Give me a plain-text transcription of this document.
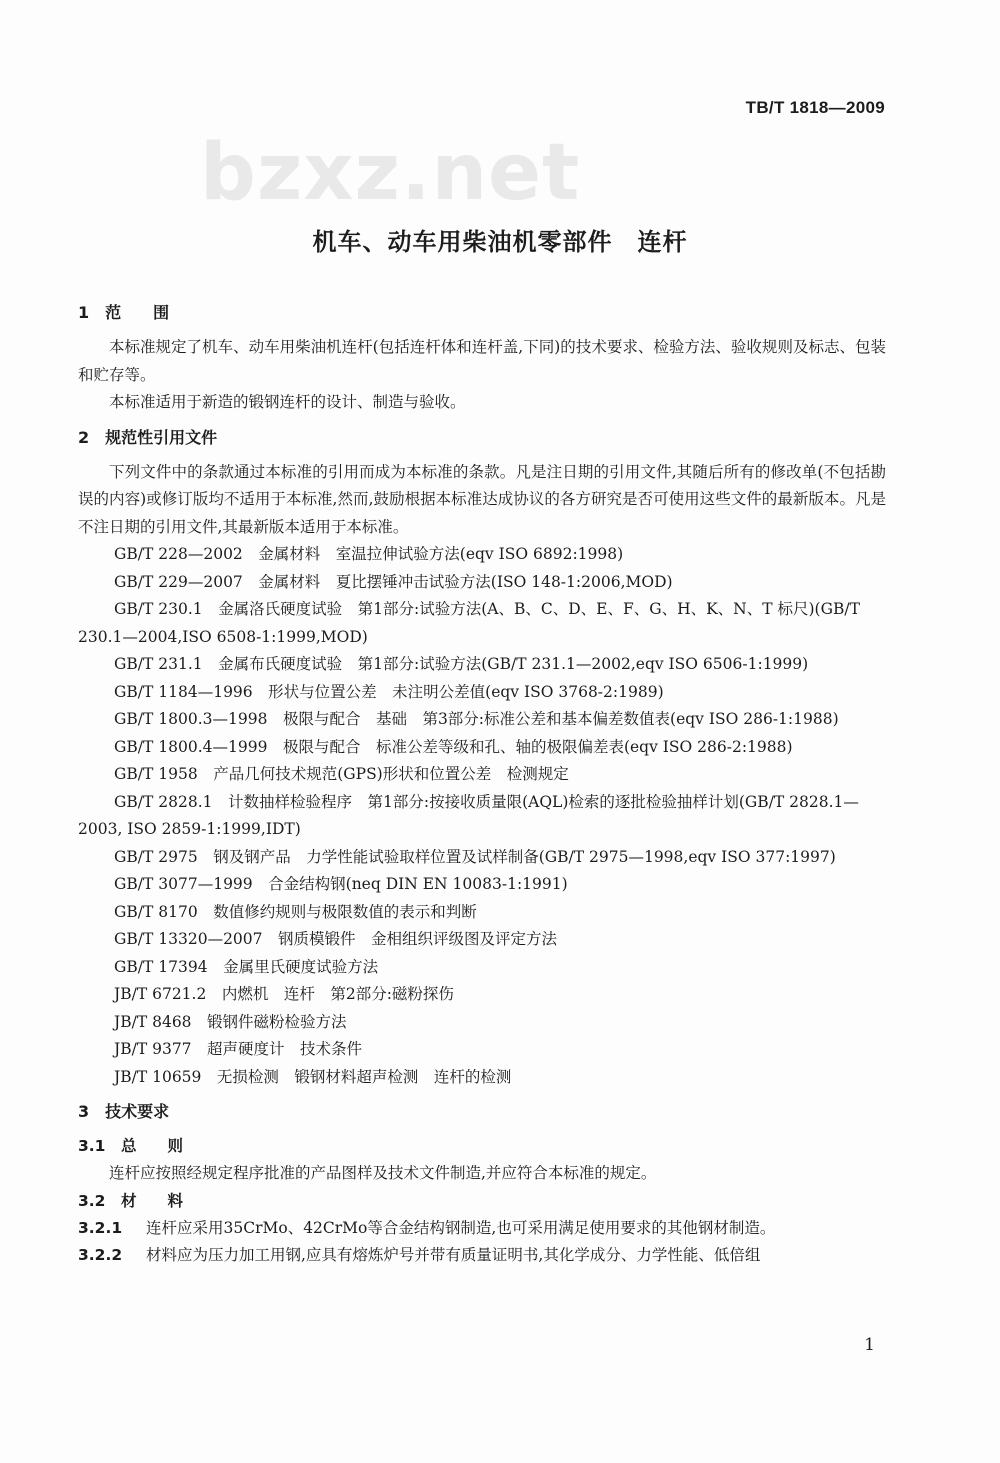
TB/T 1818—2009
bzxz.net
机车、动车用柴油机零部件　连杆
1　范　　围
本标准规定了机车、动车用柴油机连杆(包括连杆体和连杆盖,下同)的技术要求、检验方法、验收规则及标志、包装和贮存等。
本标准适用于新造的锻钢连杆的设计、制造与验收。
2　规范性引用文件
下列文件中的条款通过本标准的引用而成为本标准的条款。凡是注日期的引用文件,其随后所有的修改单(不包括勘误的内容)或修订版均不适用于本标准,然而,鼓励根据本标准达成协议的各方研究是否可使用这些文件的最新版本。凡是不注日期的引用文件,其最新版本适用于本标准。
GB/T 228—2002　金属材料　室温拉伸试验方法(eqv ISO 6892:1998)
GB/T 229—2007　金属材料　夏比摆锤冲击试验方法(ISO 148-1:2006,MOD)
GB/T 230.1　金属洛氏硬度试验　第1部分:试验方法(A、B、C、D、E、F、G、H、K、N、T 标尺)(GB/T 230.1—2004,ISO 6508-1:1999,MOD)
GB/T 231.1　金属布氏硬度试验　第1部分:试验方法(GB/T 231.1—2002,eqv ISO 6506-1:1999)
GB/T 1184—1996　形状与位置公差　未注明公差值(eqv ISO 3768-2:1989)
GB/T 1800.3—1998　极限与配合　基础　第3部分:标准公差和基本偏差数值表(eqv ISO 286-1:1988)
GB/T 1800.4—1999　极限与配合　标准公差等级和孔、轴的极限偏差表(eqv ISO 286-2:1988)
GB/T 1958　产品几何技术规范(GPS)形状和位置公差　检测规定
GB/T 2828.1　计数抽样检验程序　第1部分:按接收质量限(AQL)检索的逐批检验抽样计划(GB/T 2828.1—2003, ISO 2859-1:1999,IDT)
GB/T 2975　钢及钢产品　力学性能试验取样位置及试样制备(GB/T 2975—1998,eqv ISO 377:1997)
GB/T 3077—1999　合金结构钢(neq DIN EN 10083-1:1991)
GB/T 8170　数值修约规则与极限数值的表示和判断
GB/T 13320—2007　钢质模锻件　金相组织评级图及评定方法
GB/T 17394　金属里氏硬度试验方法
JB/T 6721.2　内燃机　连杆　第2部分:磁粉探伤
JB/T 8468　锻钢件磁粉检验方法
JB/T 9377　超声硬度计　技术条件
JB/T 10659　无损检测　锻钢材料超声检测　连杆的检测
3　技术要求
3.1　总　　则
连杆应按照经规定程序批准的产品图样及技术文件制造,并应符合本标准的规定。
3.2　材　　料
3.2.1 连杆应采用35CrMo、42CrMo等合金结构钢制造,也可采用满足使用要求的其他钢材制造。
3.2.2 材料应为压力加工用钢,应具有熔炼炉号并带有质量证明书,其化学成分、力学性能、低倍组
1
